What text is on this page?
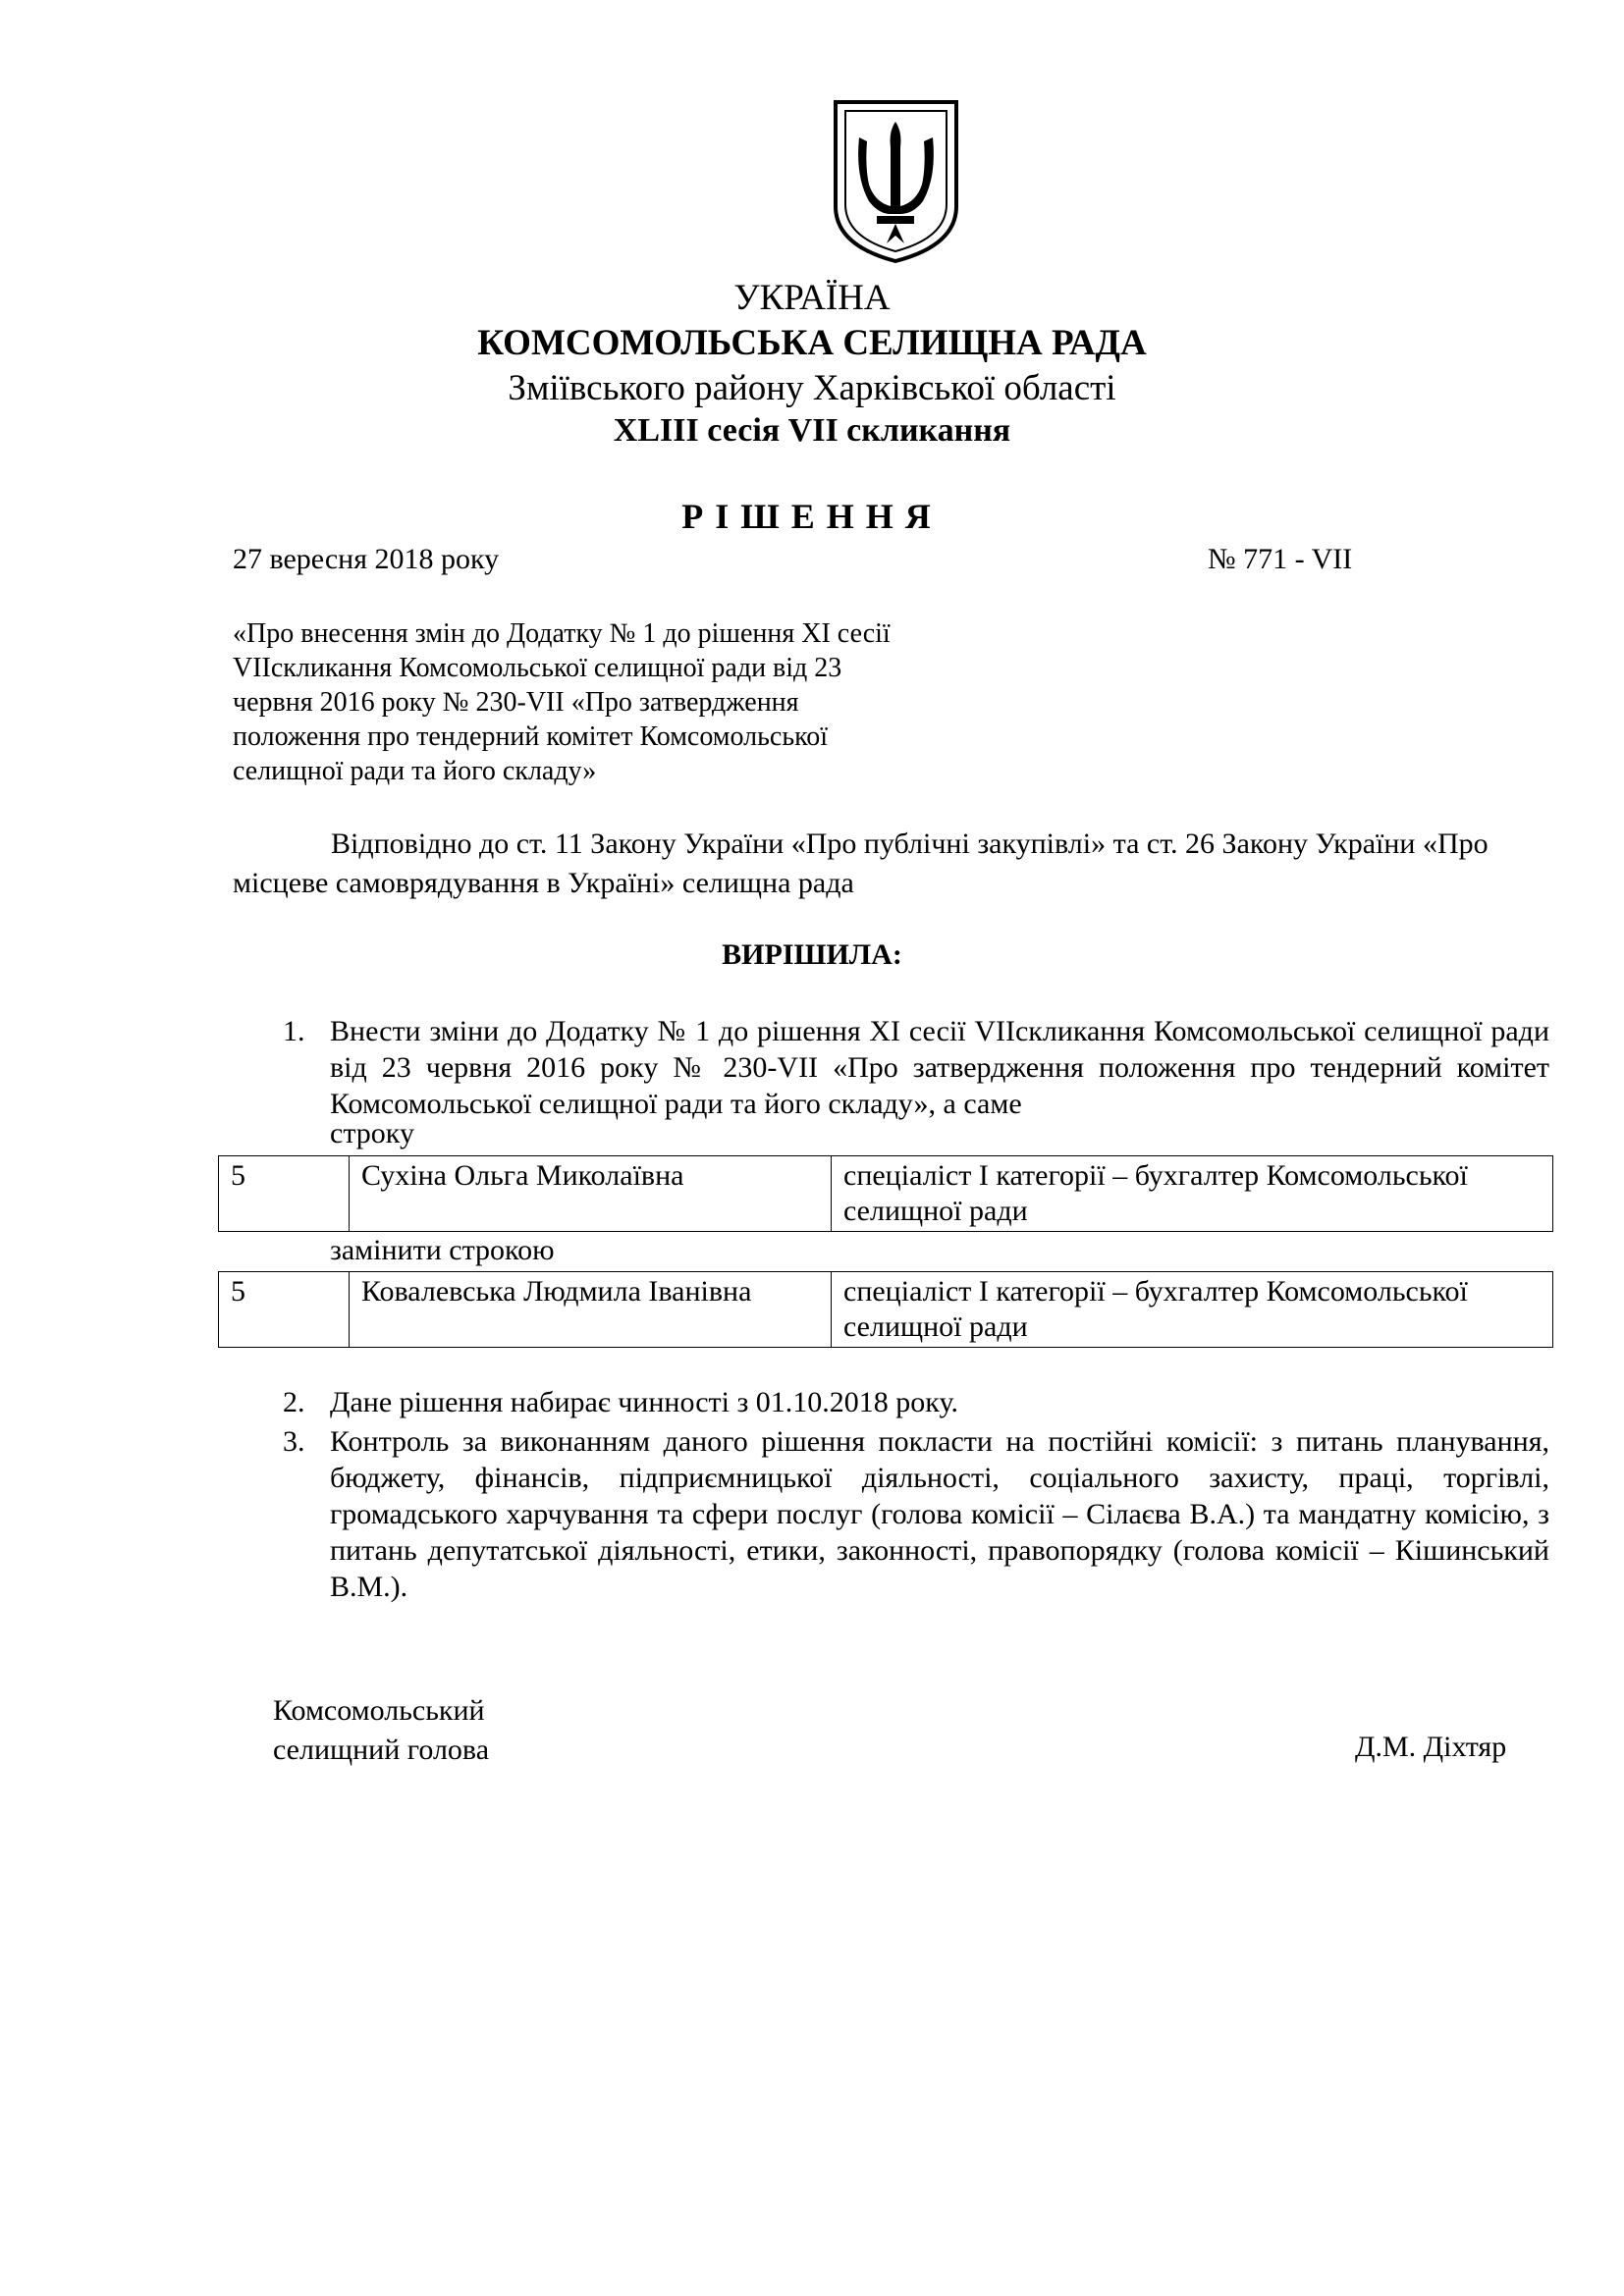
УКРАЇНА
КОМСОМОЛЬСЬКА СЕЛИЩНА РАДА
Зміївського району Харківської області
XLIII сесія VII скликання
РІШЕННЯ
27 вересня 2018 року	№ 771 - VII
«Про внесення змін до Додатку № 1 до рішення XI сесії VIIскликання Комсомольської селищної ради від 23 червня 2016 року № 230-VII «Про затвердження положення про тендерний комітет Комсомольської селищної ради та його складу»
Відповідно до ст. 11 Закону України «Про публічні закупівлі» та ст. 26 Закону України «Про місцеве самоврядування в Україні» селищна рада
ВИРІШИЛА:
1. Внести зміни до Додатку № 1 до рішення XI сесії VIIскликання Комсомольської селищної ради від 23 червня 2016 року № 230-VII «Про затвердження положення про тендерний комітет Комсомольської селищної ради та його складу», а саме
строку
5	Сухіна Ольга Миколаївна	спеціаліст І категорії – бухгалтер Комсомольської селищної ради
замінити строкою
5	Ковалевська Людмила Іванівна	спеціаліст І категорії – бухгалтер Комсомольської селищної ради
2. Дане рішення набирає чинності з 01.10.2018 року.
3. Контроль за виконанням даного рішення покласти на постійні комісії: з питань планування, бюджету, фінансів, підприємницької діяльності, соціального захисту, праці, торгівлі, громадського харчування та сфери послуг (голова комісії – Сілаєва В.А.) та мандатну комісію, з питань депутатської діяльності, етики, законності, правопорядку (голова комісії – Кішинський В.М.).
Комсомольський
селищний голова	Д.М. Діхтяр
